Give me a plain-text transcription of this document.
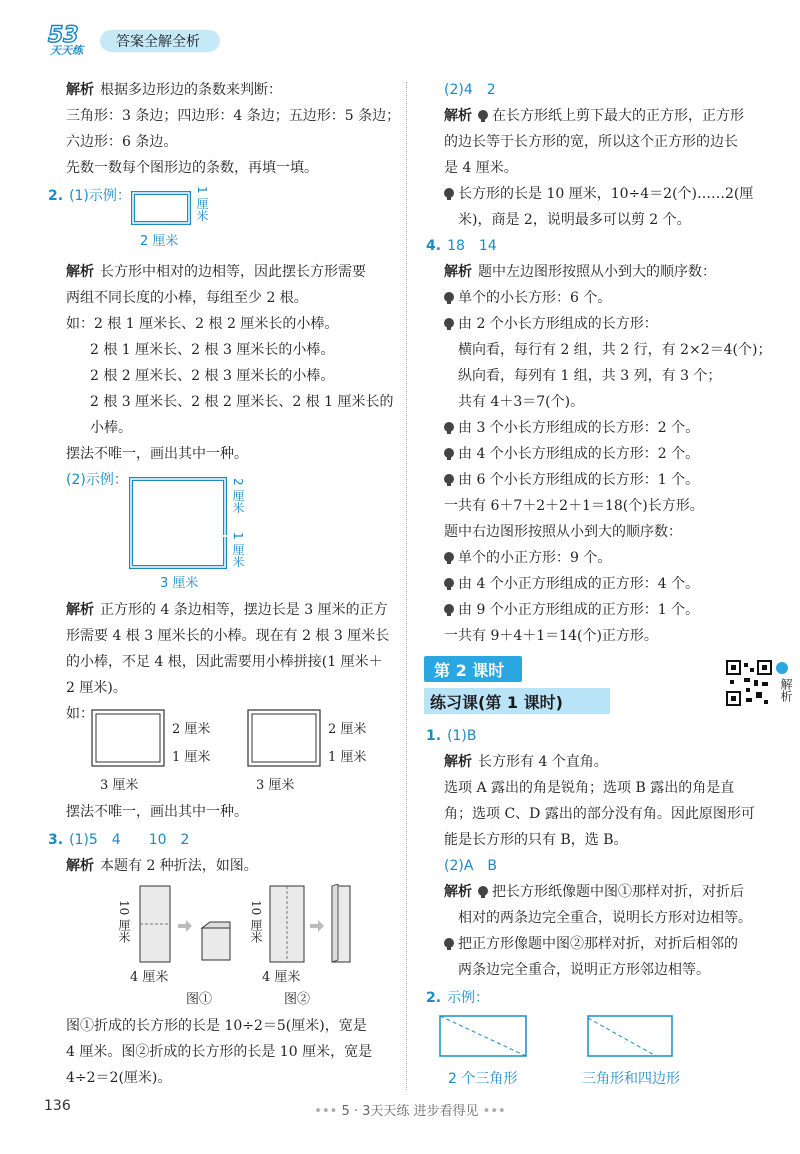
53
天天练
答案全解全析
解析 根据多边形边的条数来判断：
三角形：3 条边；四边形：4 条边；五边形：5 条边；
六边形：6 条边。
先数一数每个图形边的条数，再填一填。
2. (1)示例：	1 厘米
2 厘米
解析 长方形中相对的边相等，因此摆长方形需要
两组不同长度的小棒，每组至少 2 根。
如：2 根 1 厘米长、2 根 2 厘米长的小棒。
2 根 1 厘米长、2 根 3 厘米长的小棒。
2 根 2 厘米长、2 根 3 厘米长的小棒。
2 根 3 厘米长、2 根 2 厘米长、2 根 1 厘米长的
小棒。
摆法不唯一，画出其中一种。
(2)示例：	2 厘米
1 厘米
3 厘米
解析 正方形的 4 条边相等，摆边长是 3 厘米的正方
形需要 4 根 3 厘米长的小棒。现在有 2 根 3 厘米长
的小棒，不足 4 根，因此需要用小棒拼接(1 厘米＋
2 厘米)。
如：
2 厘米
1 厘米
3 厘米
2 厘米
1 厘米
3 厘米
摆法不唯一，画出其中一种。
3. (1)5　4　　10　2
解析 本题有 2 种折法，如图。
10 厘米
4 厘米
图①
10 厘米
4 厘米
图②
图①折成的长方形的长是 10÷2＝5(厘米)，宽是
4 厘米。图②折成的长方形的长是 10 厘米，宽是
4÷2＝2(厘米)。
(2)4　2
解析 在长方形纸上剪下最大的正方形，正方形
的边长等于长方形的宽，所以这个正方形的边长
是 4 厘米。
长方形的长是 10 厘米，10÷4＝2(个)……2(厘
米)，商是 2，说明最多可以剪 2 个。
4. 18　14
解析 题中左边图形按照从小到大的顺序数：
单个的小长方形：6 个。
由 2 个小长方形组成的长方形：
横向看，每行有 2 组，共 2 行，有 2×2＝4(个)；
纵向看，每列有 1 组，共 3 列，有 3 个；
共有 4＋3＝7(个)。
由 3 个小长方形组成的长方形：2 个。
由 4 个小长方形组成的长方形：2 个。
由 6 个小长方形组成的长方形：1 个。
一共有 6＋7＋2＋2＋1＝18(个)长方形。
题中右边图形按照从小到大的顺序数：
单个的小正方形：9 个。
由 4 个小正方形组成的正方形：4 个。
由 9 个小正方形组成的正方形：1 个。
一共有 9＋4＋1＝14(个)正方形。
第 2 课时
练习课(第 1 课时)
解析
1. (1)B
解析 长方形有 4 个直角。
选项 A 露出的角是锐角；选项 B 露出的角是直
角；选项 C、D 露出的部分没有角。因此原图形可
能是长方形的只有 B，选 B。
(2)A　B
解析 把长方形纸像题中图①那样对折，对折后
相对的两条边完全重合，说明长方形对边相等。
把正方形像题中图②那样对折，对折后相邻的
两条边完全重合，说明正方形邻边相等。
2. 示例：
2 个三角形	三角形和四边形
136	••• 5 · 3天天练 进步看得见 •••
